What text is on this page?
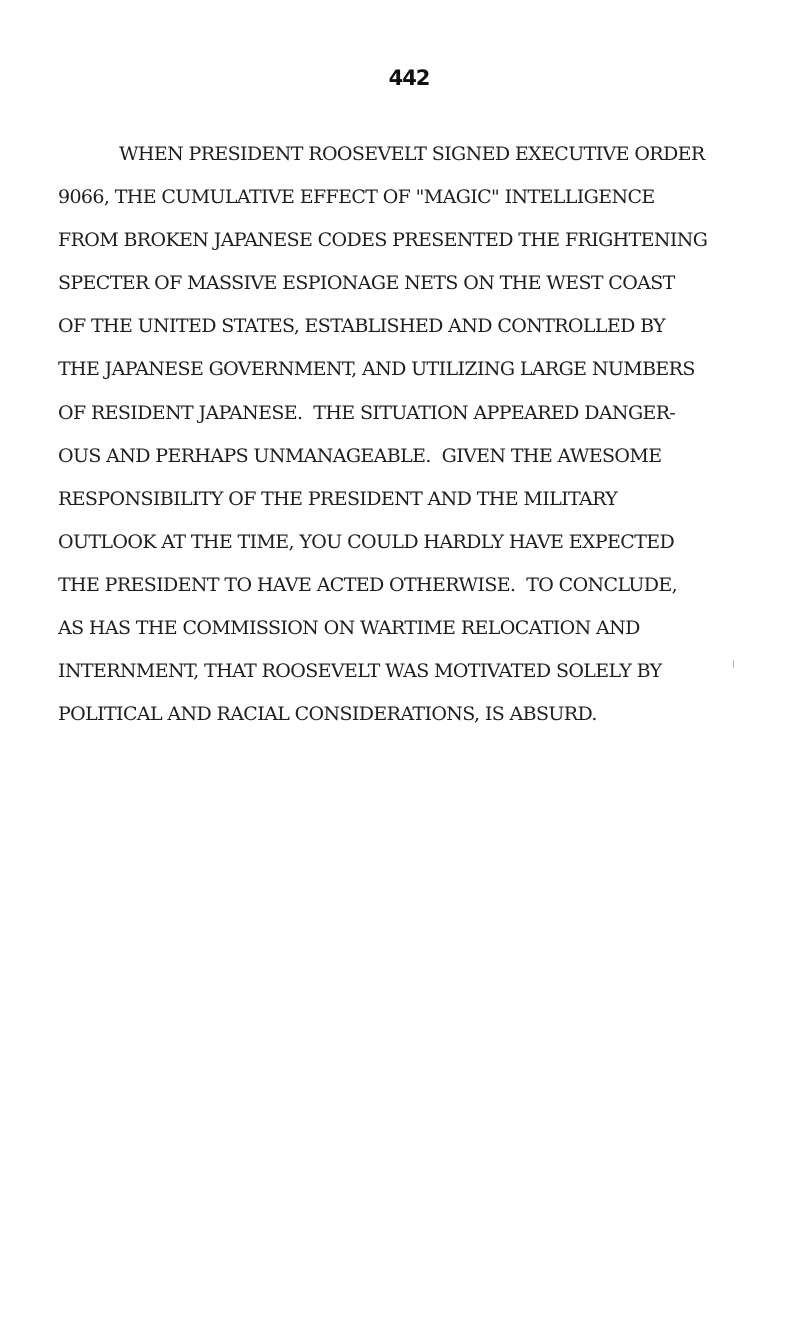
442
WHEN PRESIDENT ROOSEVELT SIGNED EXECUTIVE ORDER
9066, THE CUMULATIVE EFFECT OF "MAGIC" INTELLIGENCE
FROM BROKEN JAPANESE CODES PRESENTED THE FRIGHTENING
SPECTER OF MASSIVE ESPIONAGE NETS ON THE WEST COAST
OF THE UNITED STATES, ESTABLISHED AND CONTROLLED BY
THE JAPANESE GOVERNMENT, AND UTILIZING LARGE NUMBERS
OF RESIDENT JAPANESE.  THE SITUATION APPEARED DANGER-
OUS AND PERHAPS UNMANAGEABLE.  GIVEN THE AWESOME
RESPONSIBILITY OF THE PRESIDENT AND THE MILITARY
OUTLOOK AT THE TIME, YOU COULD HARDLY HAVE EXPECTED
THE PRESIDENT TO HAVE ACTED OTHERWISE.  TO CONCLUDE,
AS HAS THE COMMISSION ON WARTIME RELOCATION AND
INTERNMENT, THAT ROOSEVELT WAS MOTIVATED SOLELY BY
POLITICAL AND RACIAL CONSIDERATIONS, IS ABSURD.
